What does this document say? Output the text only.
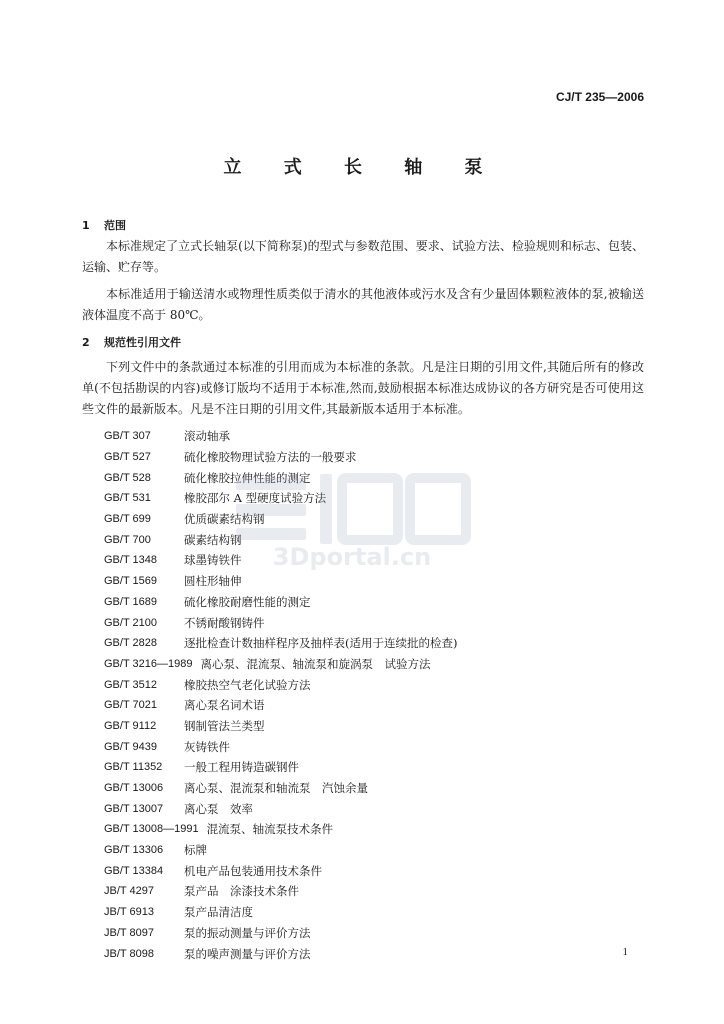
CJ/T 235—2006
立 式 长 轴 泵
1 范围
本标准规定了立式长轴泵(以下简称泵)的型式与参数范围、要求、试验方法、检验规则和标志、包装、运输、贮存等。
本标准适用于输送清水或物理性质类似于清水的其他液体或污水及含有少量固体颗粒液体的泵,被输送液体温度不高于 80℃。
2 规范性引用文件
下列文件中的条款通过本标准的引用而成为本标准的条款。凡是注日期的引用文件,其随后所有的修改单(不包括勘误的内容)或修订版均不适用于本标准,然而,鼓励根据本标准达成协议的各方研究是否可使用这些文件的最新版本。凡是不注日期的引用文件,其最新版本适用于本标准。
GB/T 307	滚动轴承
GB/T 527	硫化橡胶物理试验方法的一般要求
GB/T 528	硫化橡胶拉伸性能的测定
GB/T 531	橡胶邵尔 A 型硬度试验方法
GB/T 699	优质碳素结构钢
GB/T 700	碳素结构钢
GB/T 1348	球墨铸铁件
GB/T 1569	圆柱形轴伸
GB/T 1689	硫化橡胶耐磨性能的测定
GB/T 2100	不锈耐酸钢铸件
GB/T 2828	逐批检查计数抽样程序及抽样表(适用于连续批的检查)
GB/T 3216—1989 离心泵、混流泵、轴流泵和旋涡泵　试验方法
GB/T 3512	橡胶热空气老化试验方法
GB/T 7021	离心泵名词术语
GB/T 9112	钢制管法兰类型
GB/T 9439	灰铸铁件
GB/T 11352	一般工程用铸造碳钢件
GB/T 13006	离心泵、混流泵和轴流泵　汽蚀余量
GB/T 13007	离心泵　效率
GB/T 13008—1991 混流泵、轴流泵技术条件
GB/T 13306	标牌
GB/T 13384	机电产品包装通用技术条件
JB/T 4297	泵产品　涂漆技术条件
JB/T 6913	泵产品清洁度
JB/T 8097	泵的振动测量与评价方法
JB/T 8098	泵的噪声测量与评价方法
3Dportal.cn
1
